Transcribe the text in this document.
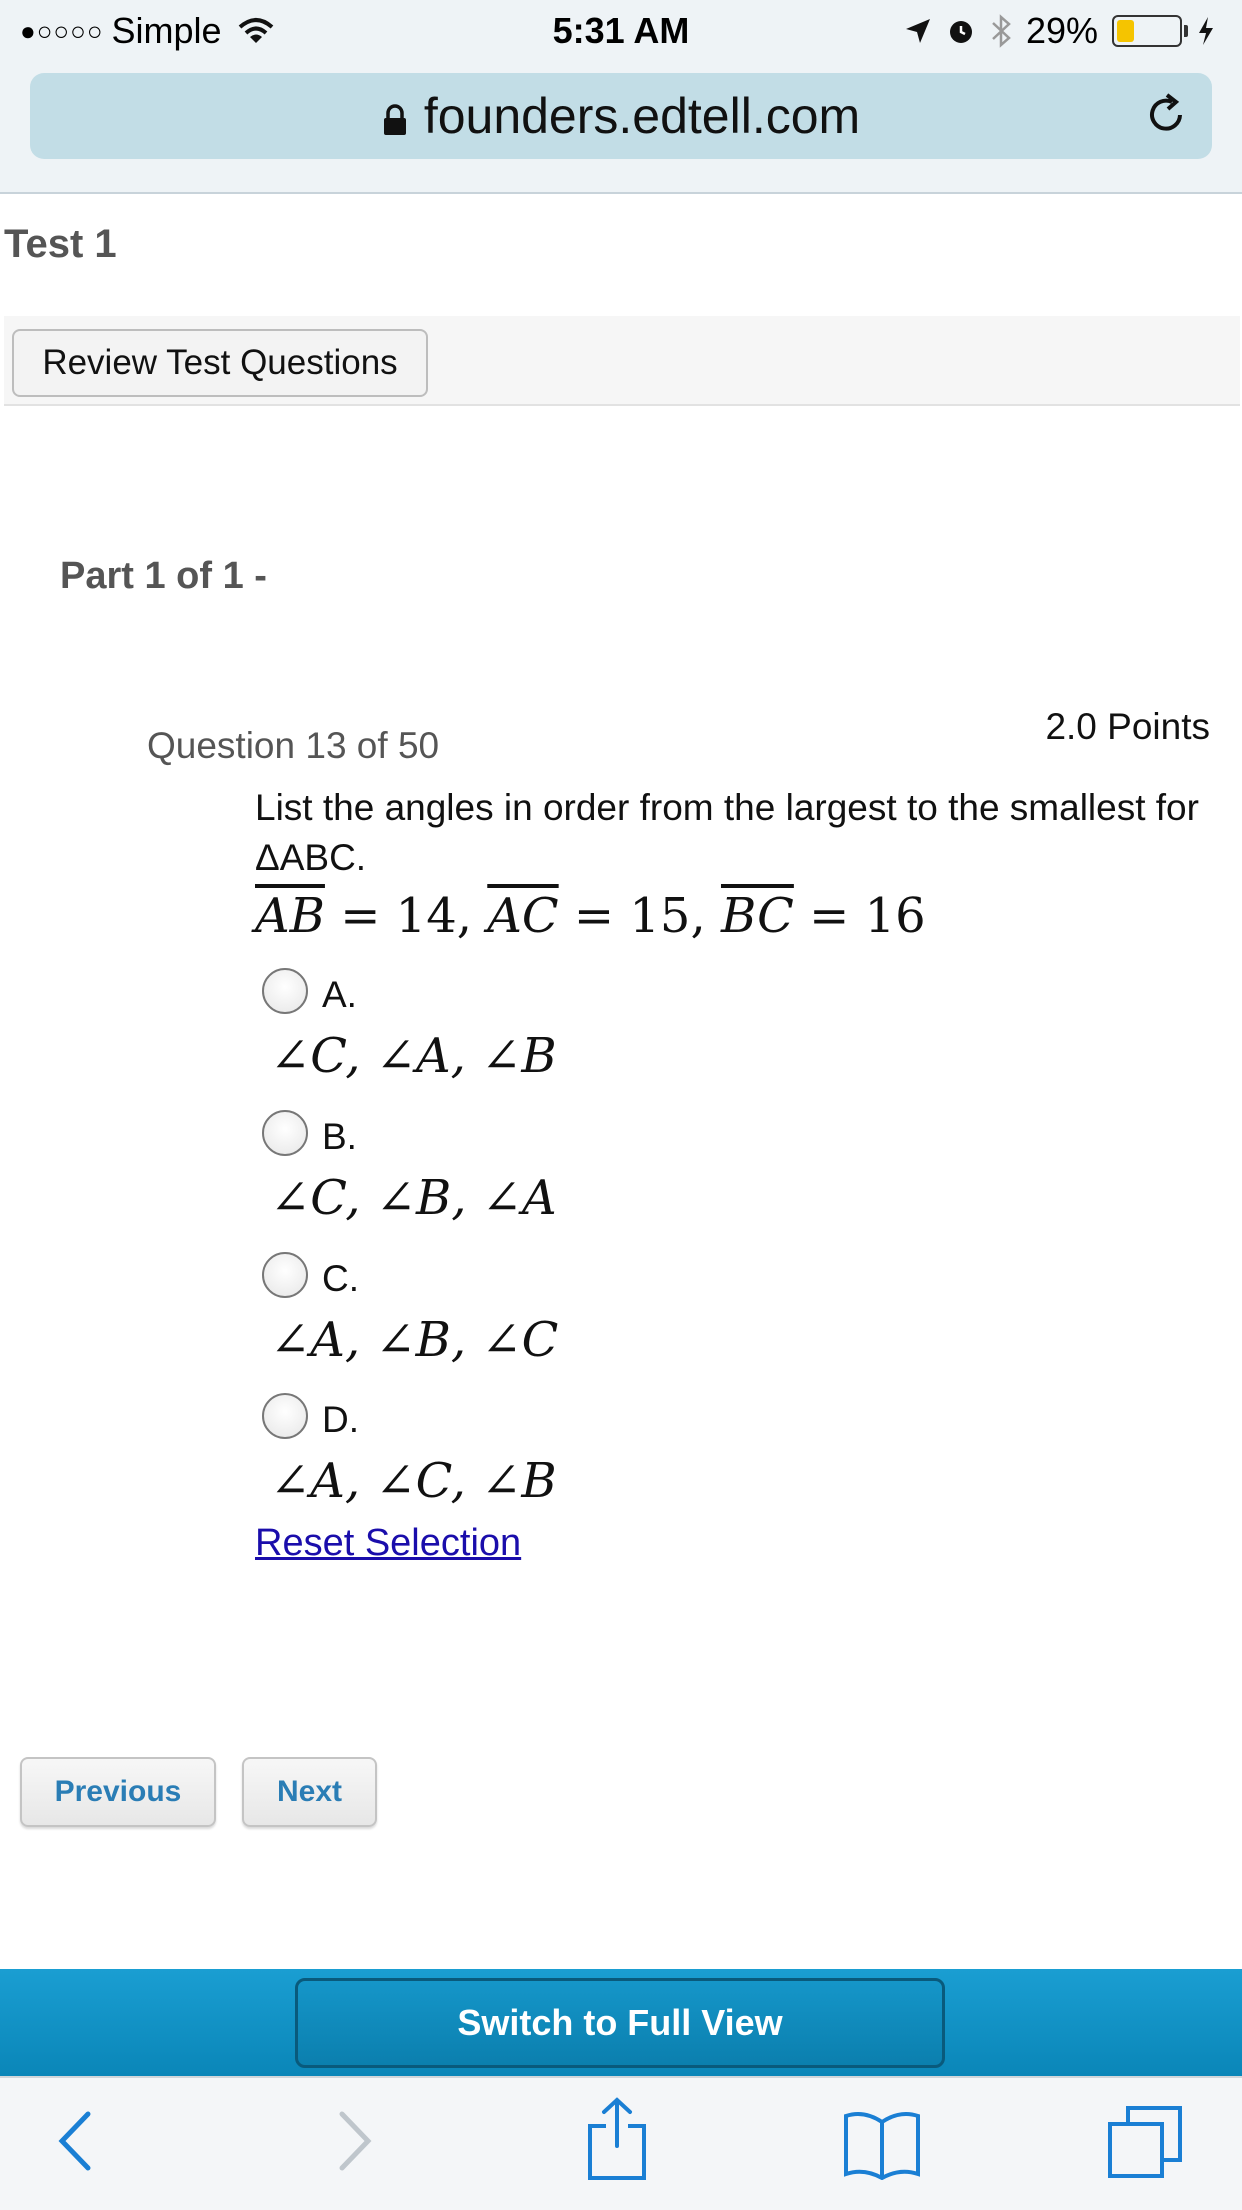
●○○○○ Simple	5:31 AM	29%
founders.edtell.com
Test 1
Review Test Questions
Part 1 of 1 -
Question 13 of 50	2.0 Points
List the angles in order from the largest to the smallest for ΔABC.
$\overline{AB} = 14$, $\overline{AC} = 15$, $\overline{BC} = 16$
A.
∠C, ∠A, ∠B
B.
∠C, ∠B, ∠A
C.
∠A, ∠B, ∠C
D.
∠A, ∠C, ∠B
Reset Selection
Previous	Next
Switch to Full View
